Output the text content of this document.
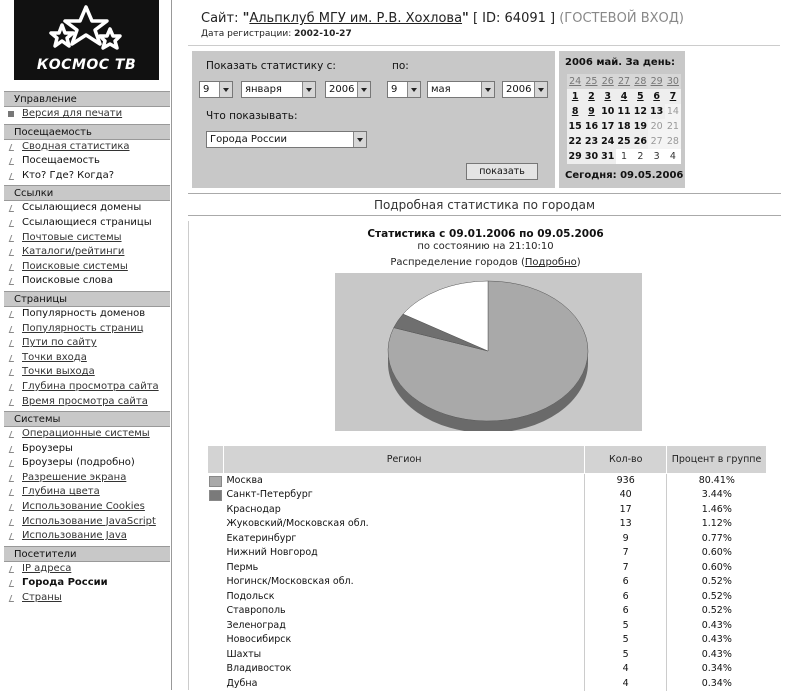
КОСМОС ТВ
Управление
Версия для печати
Посещаемость
Сводная статистика
Посещаемость
Кто? Где? Когда?
Ссылки
Ссылающиеся домены
Ссылающиеся страницы
Почтовые системы
Каталоги/рейтинги
Поисковые системы
Поисковые слова
Страницы
Популярность доменов
Популярность страниц
Пути по сайту
Точки входа
Точки выхода
Глубина просмотра сайта
Время просмотра сайта
Системы
Операционные системы
Броузеры
Броузеры (подробно)
Разрешение экрана
Глубина цвета
Использование Cookies
Использование JavaScript
Использование Java
Посетители
IP адреса
Города России
Страны
Сайт: "Альпклуб МГУ им. Р.В. Хохлова" [ ID: 64091 ] (ГОСТЕВОЙ ВХОД)
Дата регистрации: 2002-10-27
Показать статистику с:	по:
9	января	2006	9	мая	2006
Что показывать:
Города России
показать
2006 май. За день:
24 25 26 27 28 29 30
1	2	3	4	5	6	7
8	9 10 11 12 13 14
15 16 17 18 19 20 21
22 23 24 25 26 27 28
29 30 31 1	2	3	4
Сегодня: 09.05.2006
Подробная статистика по городам
Статистика с 09.01.2006 по 09.05.2006
по состоянию на 21:10:10
Распределение городов (Подробно)
	Регион	Кол-во	Процент в группе

	Москва	936	80.41%

	Санкт-Петербург	40	3.44%
	Краснодар	17	1.46%
	Жуковский/Московская обл.	13	1.12%
	Екатеринбург	9	0.77%
	Нижний Новгород	7	0.60%
	Пермь	7	0.60%
	Ногинск/Московская обл.	6	0.52%
	Подольск	6	0.52%
	Ставрополь	6	0.52%
	Зеленоград	5	0.43%
	Новосибирск	5	0.43%
	Шахты	5	0.43%
	Владивосток	4	0.34%
	Дубна	4	0.34%
